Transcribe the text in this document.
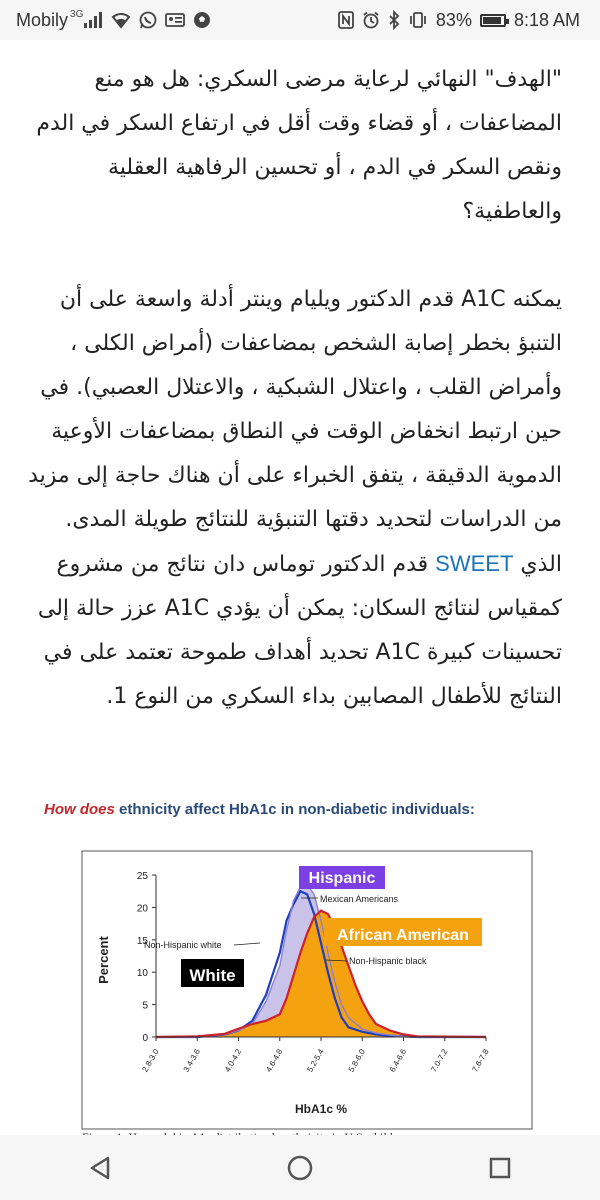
Mobily 3G	83% 8:18 AM

"الهدف" النهائي لرعاية مرضى السكري: هل هو منع المضاعفات ، أو قضاء وقت أقل في ارتفاع السكر في الدم ونقص السكر في الدم ، أو تحسين الرفاهية العقلية والعاطفية؟

يمكنه A1C قدم الدكتور ويليام وينتر أدلة واسعة على أن التنبؤ بخطر إصابة الشخص بمضاعفات (أمراض الكلى ، وأمراض القلب ، واعتلال الشبكية ، والاعتلال العصبي). في حين ارتبط انخفاض الوقت في النطاق بمضاعفات الأوعية الدموية الدقيقة ، يتفق الخبراء على أن هناك حاجة إلى مزيد من الدراسات لتحديد دقتها التنبؤية للنتائج طويلة المدى. الذي SWEET قدم الدكتور توماس دان نتائج من مشروع كمقياس لنتائج السكان: يمكن أن يؤدي A1C عزز حالة إلى تحسينات كبيرة A1C تحديد أهداف طموحة تعتمد على في النتائج للأطفال المصابين بداء السكري من النوع 1.

How does ethnicity affect HbA1c in non-diabetic individuals:
0
5
10
15
20
25
2.8-3.0	3.4-3.6	4.0-4.2	4.6-4.8	5.2-5.4	5.8-6.0	6.4-6.6	7.0-7.2	7.6-7.8
HbA1c %
Percent
Hispanic
African American
White
Mexican Americans
Non-Hispanic black
Non-Hispanic white
